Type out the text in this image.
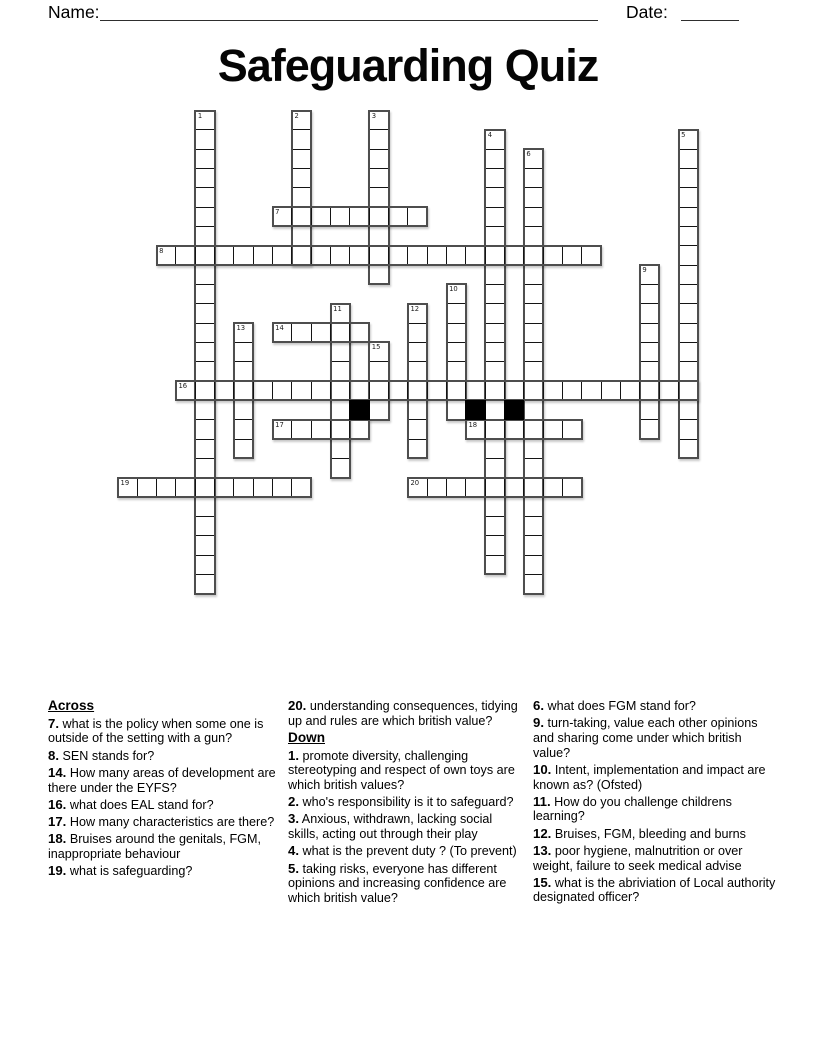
Name:	Date:
Safeguarding Quiz
1	2	3
4	5
6
7
8
9
10
11	12
13	14
15
16
17	18
19	20
Across
7. what is the policy when some one is outside of the setting with a gun?
8. SEN stands for?
14. How many areas of development are there under the EYFS?
16. what does EAL stand for?
17. How many characteristics are there?
18. Bruises around the genitals, FGM, inappropriate behaviour
19. what is safeguarding?
20. understanding consequences, tidying up and rules are which british value?
Down
1. promote diversity, challenging stereotyping and respect of own toys are which british values?
2. who's responsibility is it to safeguard?
3. Anxious, withdrawn, lacking social skills, acting out through their play
4. what is the prevent duty ? (To prevent)
5. taking risks, everyone has different opinions and increasing confidence are which british value?
6. what does FGM stand for?
9. turn-taking, value each other opinions and sharing come under which british value?
10. Intent, implementation and impact are known as? (Ofsted)
11. How do you challenge childrens learning?
12. Bruises, FGM, bleeding and burns
13. poor hygiene, malnutrition or over weight, failure to seek medical advise
15. what is the abriviation of Local authority designated officer?
